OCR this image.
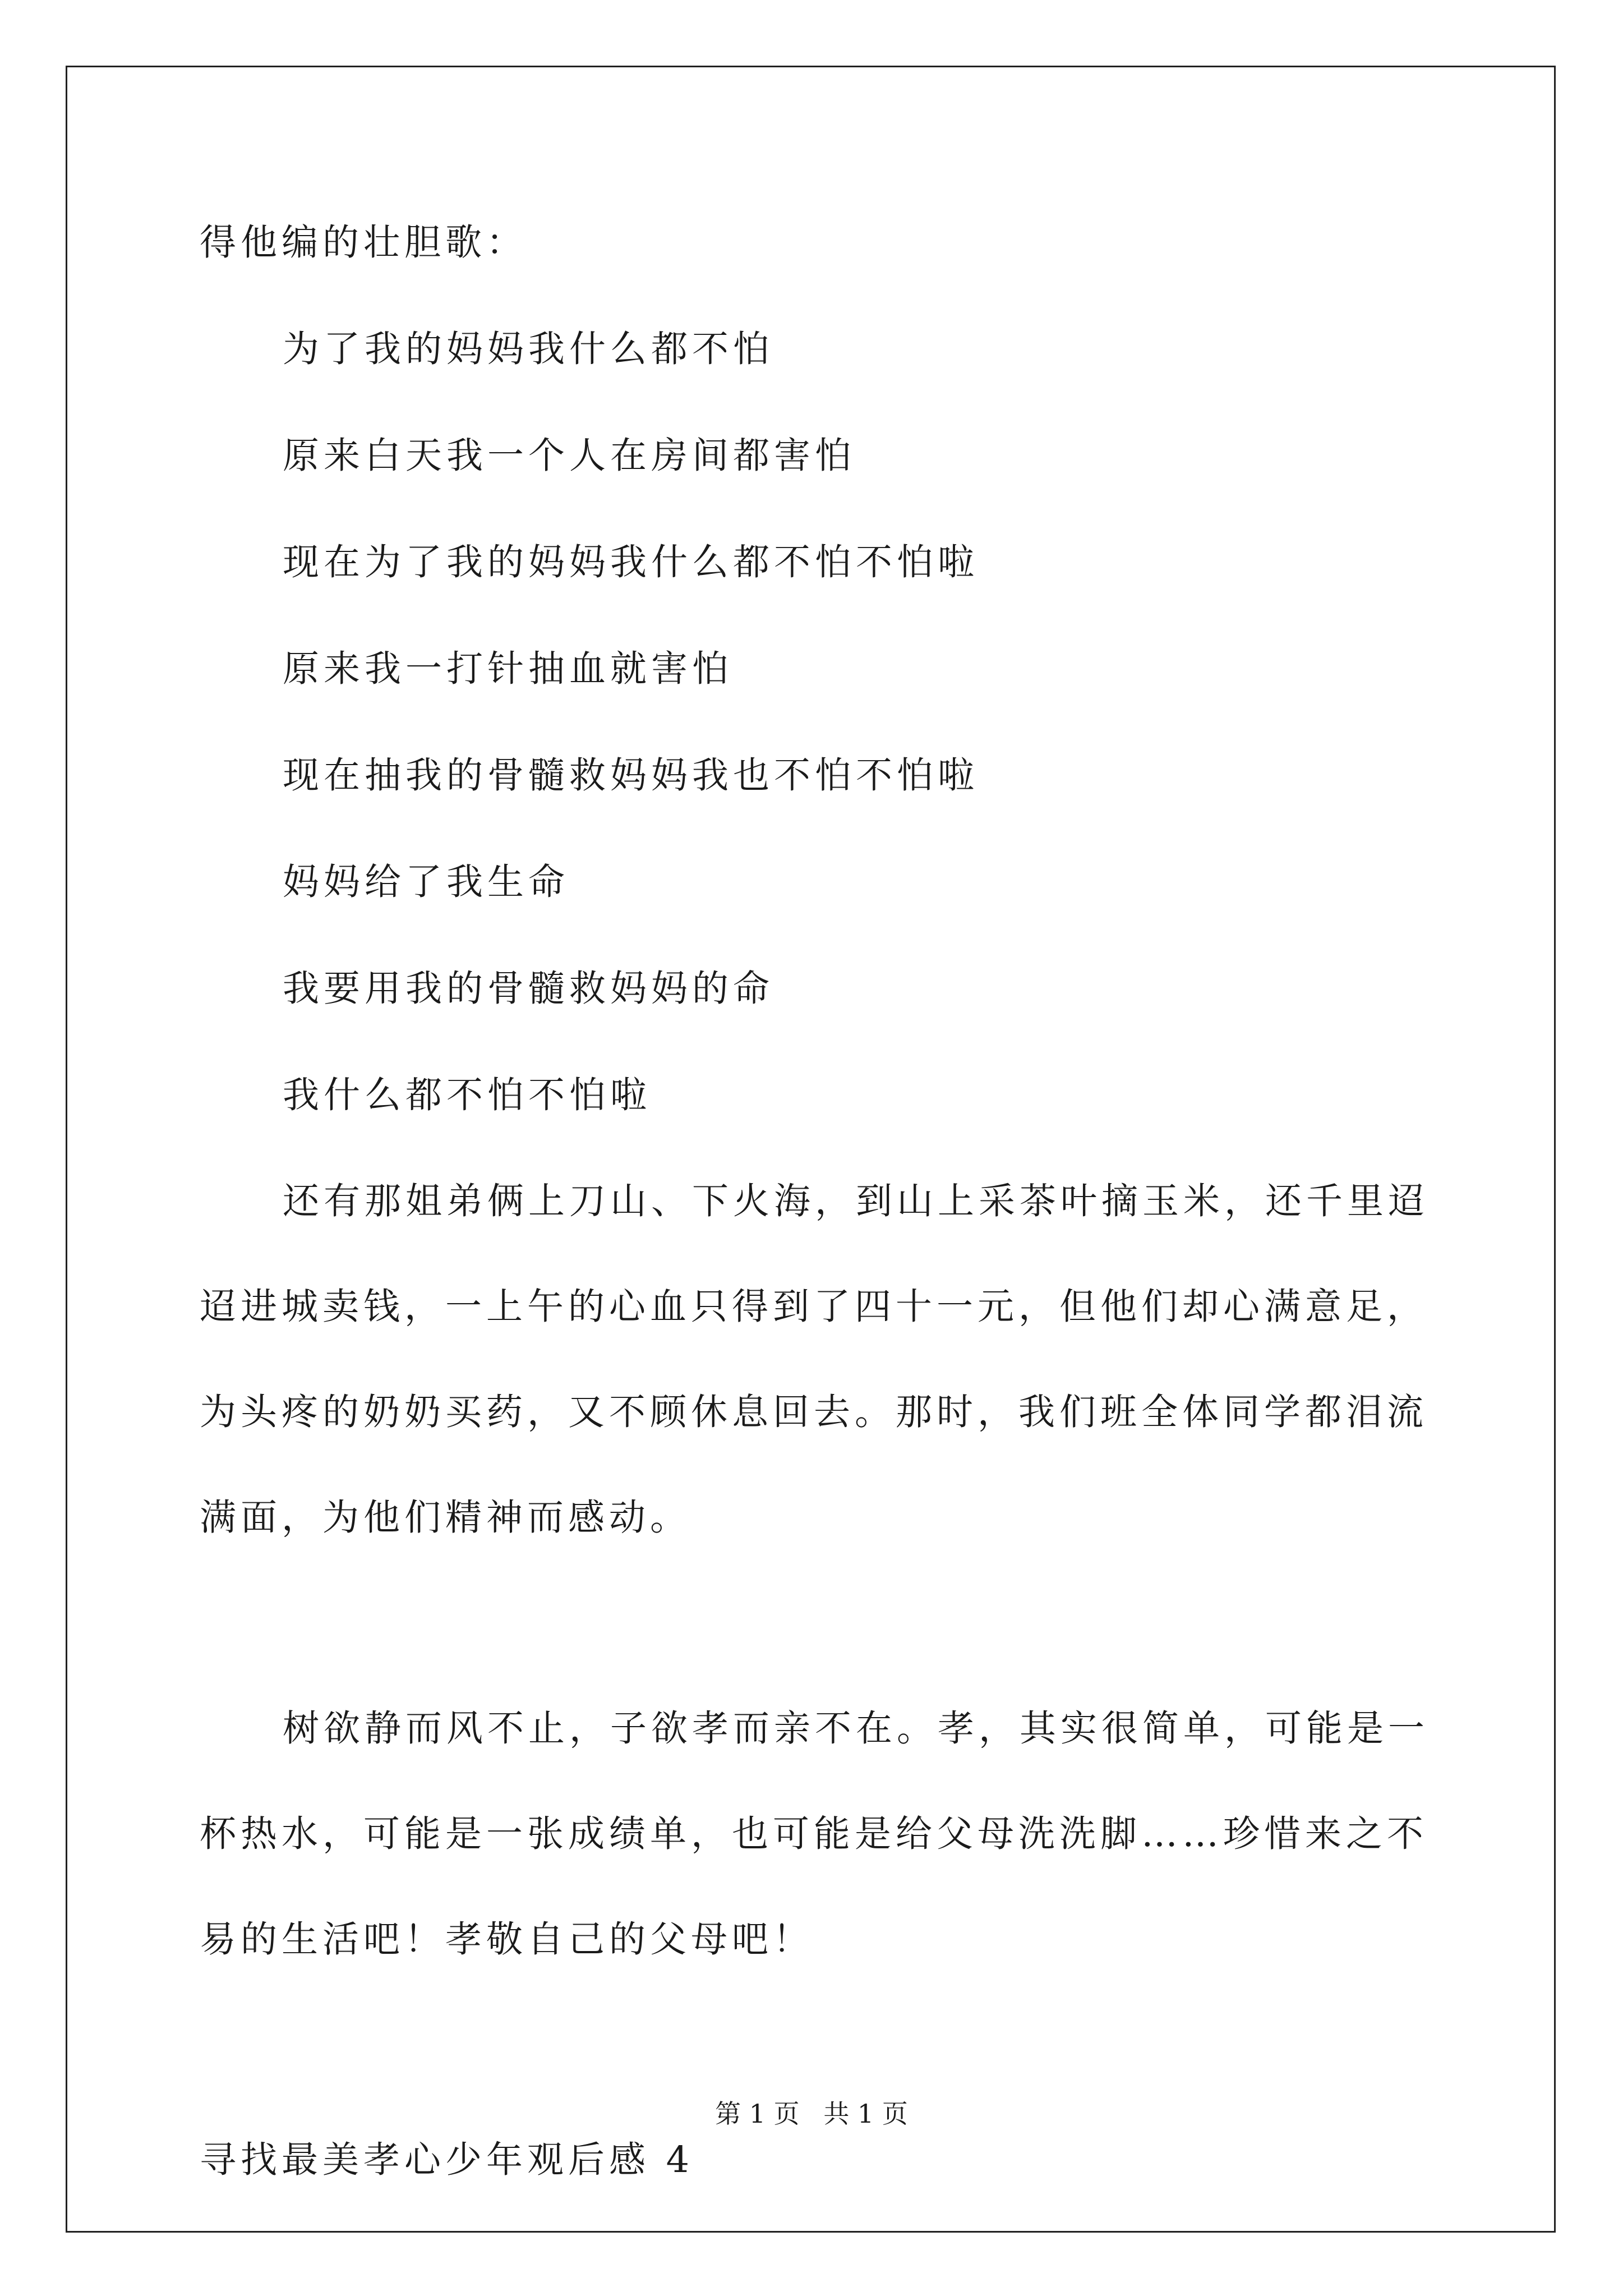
得他编的壮胆歌：
为了我的妈妈我什么都不怕
原来白天我一个人在房间都害怕
现在为了我的妈妈我什么都不怕不怕啦
原来我一打针抽血就害怕
现在抽我的骨髓救妈妈我也不怕不怕啦
妈妈给了我生命
我要用我的骨髓救妈妈的命
我什么都不怕不怕啦
还有那姐弟俩上刀山、下火海，到山上采茶叶摘玉米，还千里迢迢进城卖钱，一上午的心血只得到了四十一元，但他们却心满意足，为头疼的奶奶买药，又不顾休息回去。那时，我们班全体同学都泪流满面，为他们精神而感动。
树欲静而风不止，子欲孝而亲不在。孝，其实很简单，可能是一杯热水，可能是一张成绩单，也可能是给父母洗洗脚……珍惜来之不易的生活吧！孝敬自己的父母吧！
寻找最美孝心少年观后感 4
第 1 页 共 1 页
